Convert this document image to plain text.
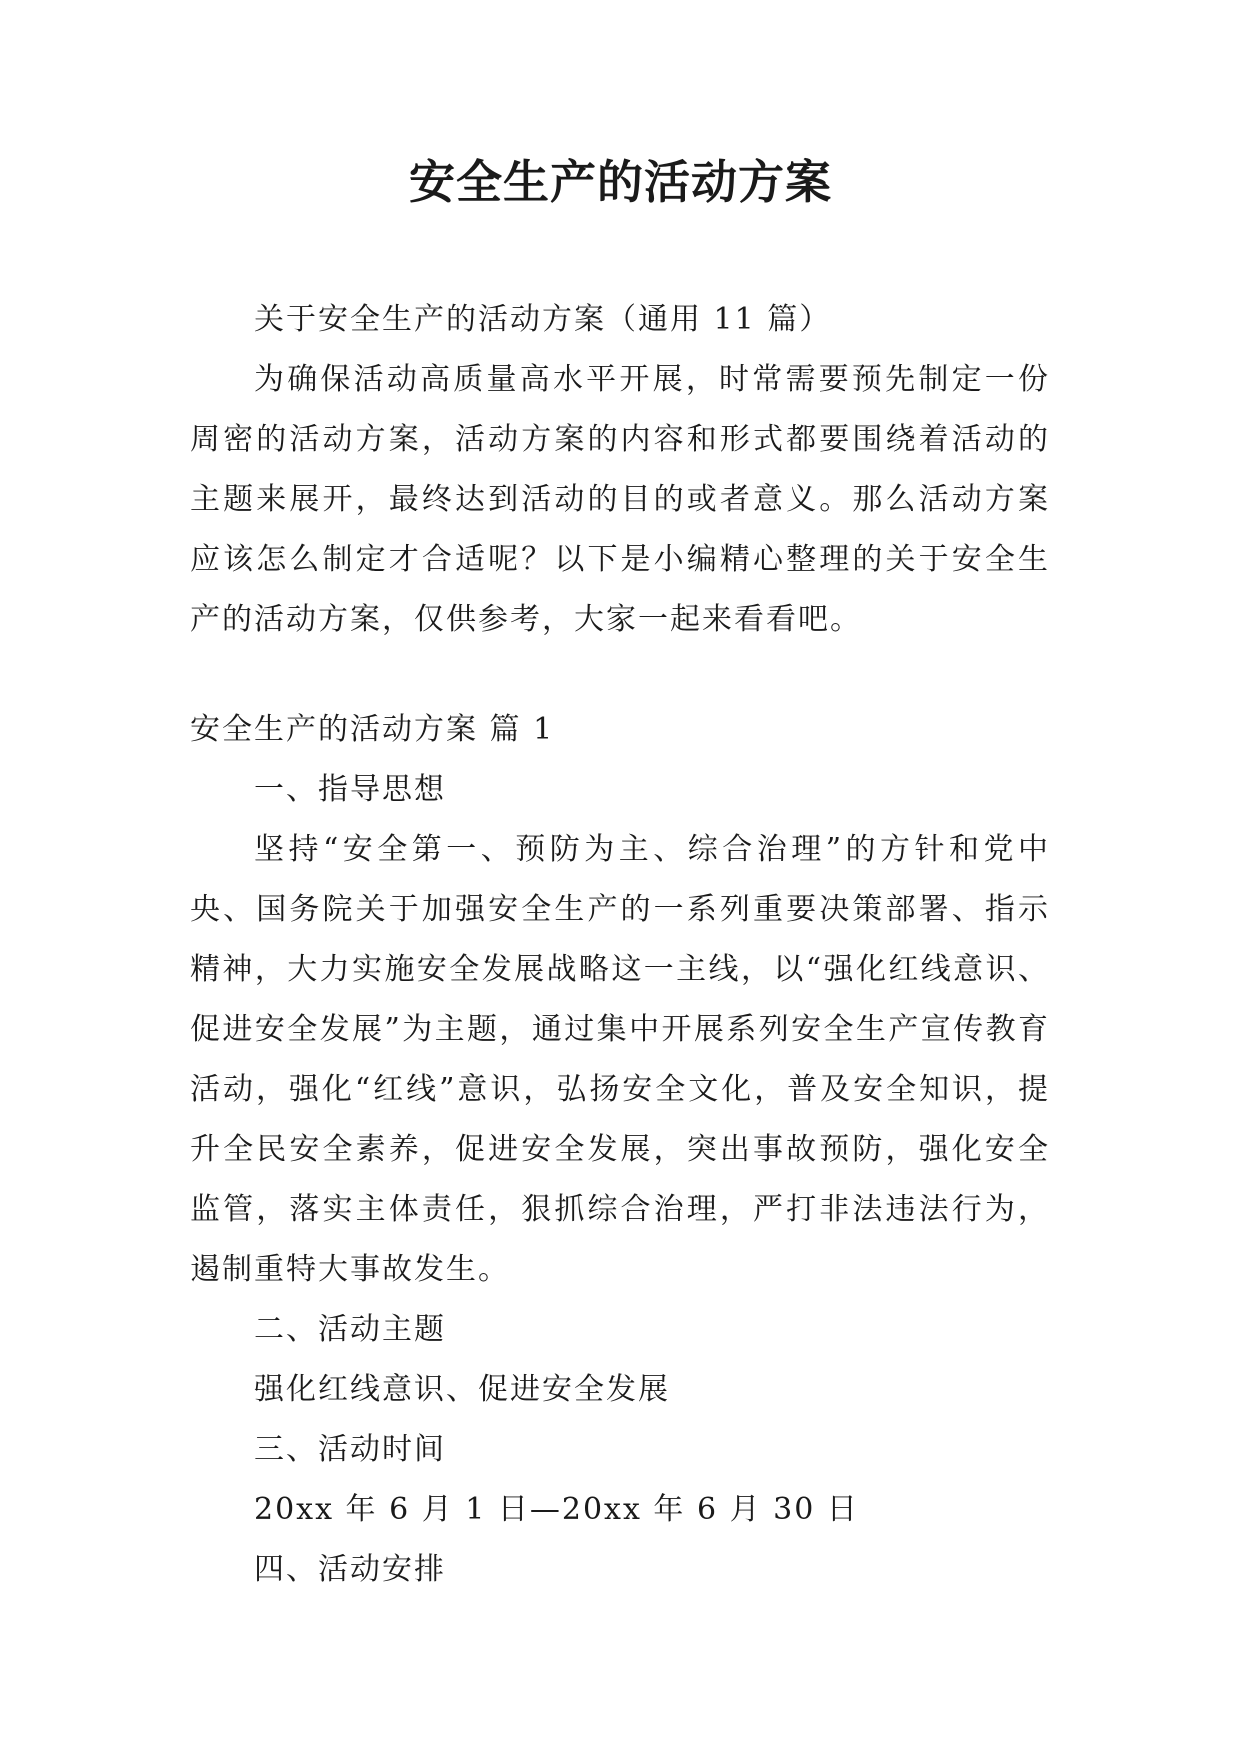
安全生产的活动方案

关于安全生产的活动方案（通用 11 篇）

为确保活动高质量高水平开展，时常需要预先制定一份周密的活动方案，活动方案的内容和形式都要围绕着活动的主题来展开，最终达到活动的目的或者意义。那么活动方案应该怎么制定才合适呢？以下是小编精心整理的关于安全生产的活动方案，仅供参考，大家一起来看看吧。

安全生产的活动方案 篇 1

一、指导思想

坚持“安全第一、预防为主、综合治理”的方针和党中央、国务院关于加强安全生产的一系列重要决策部署、指示精神，大力实施安全发展战略这一主线，以“强化红线意识、促进安全发展”为主题，通过集中开展系列安全生产宣传教育活动，强化“红线”意识，弘扬安全文化，普及安全知识，提升全民安全素养，促进安全发展，突出事故预防，强化安全监管，落实主体责任，狠抓综合治理，严打非法违法行为，遏制重特大事故发生。

二、活动主题

强化红线意识、促进安全发展

三、活动时间

20xx 年 6 月 1 日—20xx 年 6 月 30 日

四、活动安排
